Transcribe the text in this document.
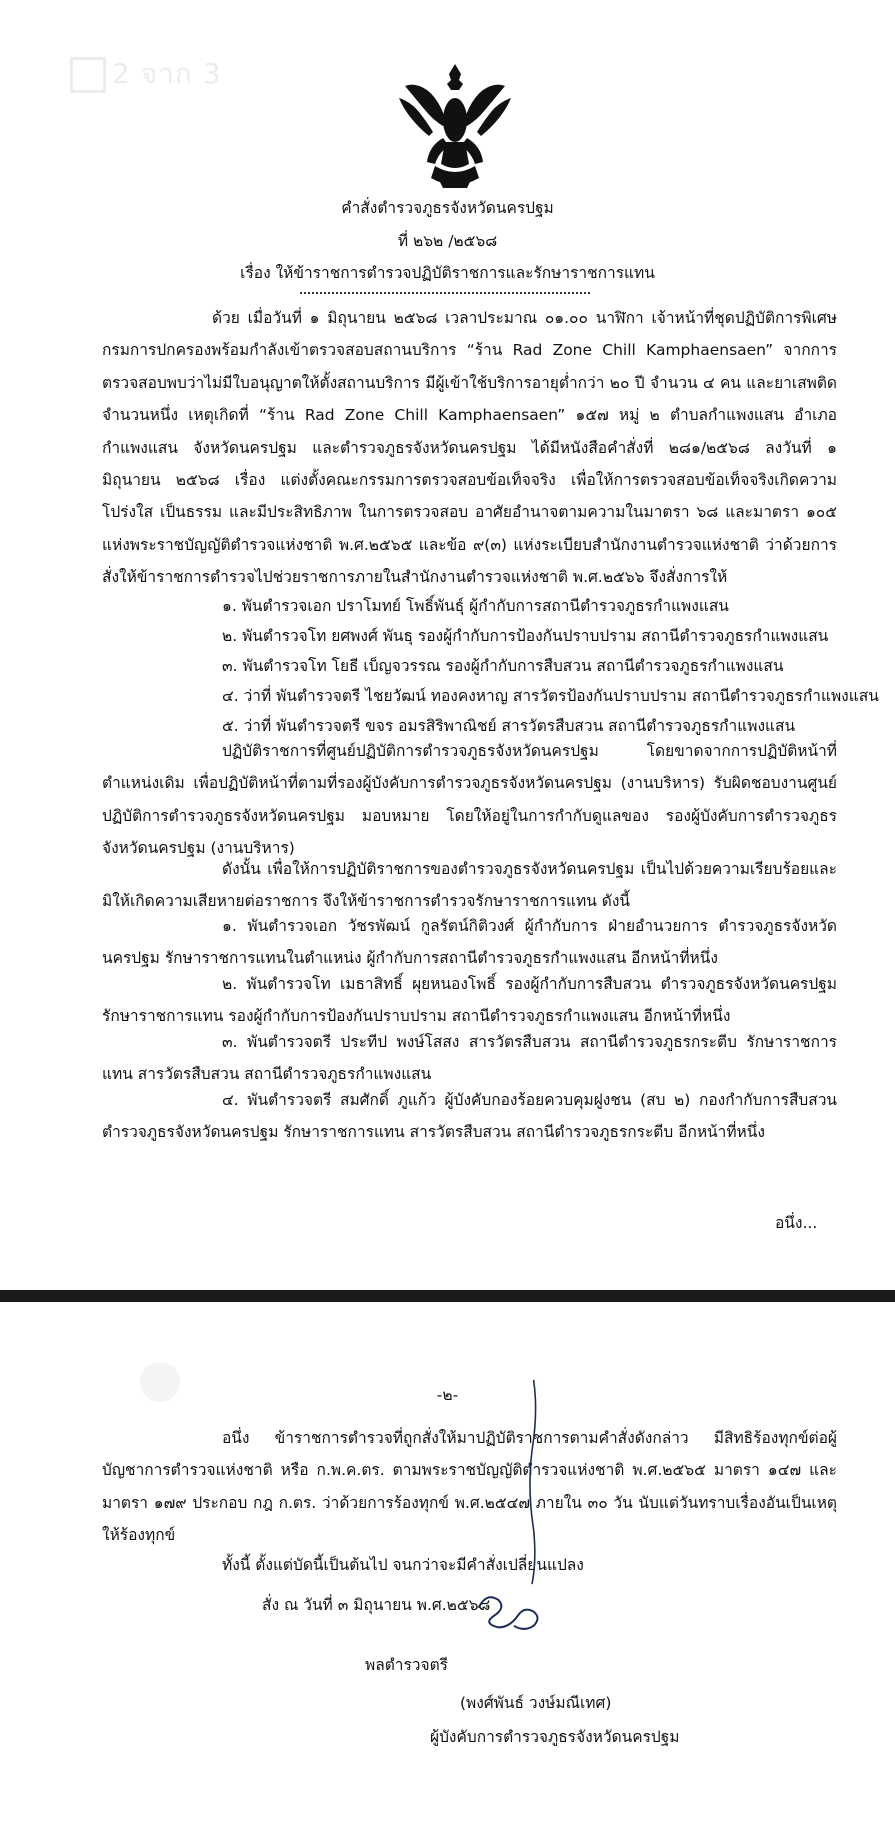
2 จาก 3
คำสั่งตำรวจภูธรจังหวัดนครปฐม
ที่ ๒๖๒ /๒๕๖๘
เรื่อง ให้ข้าราชการตำรวจปฏิบัติราชการและรักษาราชการแทน

ด้วย เมื่อวันที่ ๑ มิถุนายน ๒๕๖๘ เวลาประมาณ ๐๑.๐๐ นาฬิกา เจ้าหน้าที่ชุดปฏิบัติการพิเศษกรมการปกครองพร้อมกำลังเข้าตรวจสอบสถานบริการ “ร้าน Rad Zone Chill Kamphaensaen” จากการตรวจสอบพบว่าไม่มีใบอนุญาตให้ตั้งสถานบริการ มีผู้เข้าใช้บริการอายุต่ำกว่า ๒๐ ปี จำนวน ๔ คน และยาเสพติด จำนวนหนึ่ง เหตุเกิดที่ “ร้าน Rad Zone Chill Kamphaensaen” ๑๕๗ หมู่ ๒ ตำบลกำแพงแสน อำเภอกำแพงแสน จังหวัดนครปฐม และตำรวจภูธรจังหวัดนครปฐม ได้มีหนังสือคำสั่งที่ ๒๘๑/๒๕๖๘ ลงวันที่ ๑ มิถุนายน ๒๕๖๘ เรื่อง แต่งตั้งคณะกรรมการตรวจสอบข้อเท็จจริง เพื่อให้การตรวจสอบข้อเท็จจริงเกิดความโปร่งใส เป็นธรรม และมีประสิทธิภาพ ในการตรวจสอบ อาศัยอำนาจตามความในมาตรา ๖๘ และมาตรา ๑๐๕ แห่งพระราชบัญญัติตำรวจแห่งชาติ พ.ศ.๒๕๖๕ และข้อ ๙(๓) แห่งระเบียบสำนักงานตำรวจแห่งชาติ ว่าด้วยการสั่งให้ข้าราชการตำรวจไปช่วยราชการภายในสำนักงานตำรวจแห่งชาติ พ.ศ.๒๕๖๖ จึงสั่งการให้

๑. พันตำรวจเอก ปราโมทย์ โพธิ์พันธุ์ ผู้กำกับการสถานีตำรวจภูธรกำแพงแสน
๒. พันตำรวจโท ยศพงศ์ พันธุ รองผู้กำกับการป้องกันปราบปราม สถานีตำรวจภูธรกำแพงแสน
๓. พันตำรวจโท โยธี เบ็ญจวรรณ รองผู้กำกับการสืบสวน สถานีตำรวจภูธรกำแพงแสน
๔. ว่าที่ พันตำรวจตรี ไชยวัฒน์ ทองคงหาญ สารวัตรป้องกันปราบปราม สถานีตำรวจภูธรกำแพงแสน
๕. ว่าที่ พันตำรวจตรี ขจร อมรสิริพาณิชย์ สารวัตรสืบสวน สถานีตำรวจภูธรกำแพงแสน

ปฏิบัติราชการที่ศูนย์ปฏิบัติการตำรวจภูธรจังหวัดนครปฐม โดยขาดจากการปฏิบัติหน้าที่ตำแหน่งเดิม เพื่อปฏิบัติหน้าที่ตามที่รองผู้บังคับการตำรวจภูธรจังหวัดนครปฐม (งานบริหาร) รับผิดชอบงานศูนย์ปฏิบัติการตำรวจภูธรจังหวัดนครปฐม มอบหมาย โดยให้อยู่ในการกำกับดูแลของ รองผู้บังคับการตำรวจภูธรจังหวัดนครปฐม (งานบริหาร)

ดังนั้น เพื่อให้การปฏิบัติราชการของตำรวจภูธรจังหวัดนครปฐม เป็นไปด้วยความเรียบร้อยและมิให้เกิดความเสียหายต่อราชการ จึงให้ข้าราชการตำรวจรักษาราชการแทน ดังนี้

๑. พันตำรวจเอก วัชรพัฒน์ กูลรัตน์กิติวงศ์ ผู้กำกับการ ฝ่ายอำนวยการ ตำรวจภูธรจังหวัดนครปฐม รักษาราชการแทนในตำแหน่ง ผู้กำกับการสถานีตำรวจภูธรกำแพงแสน อีกหน้าที่หนึ่ง

๒. พันตำรวจโท เมธาสิทธิ์ ผุยหนองโพธิ์ รองผู้กำกับการสืบสวน ตำรวจภูธรจังหวัดนครปฐม รักษาราชการแทน รองผู้กำกับการป้องกันปราบปราม สถานีตำรวจภูธรกำแพงแสน อีกหน้าที่หนึ่ง

๓. พันตำรวจตรี ประทีป พงษ์โสสง สารวัตรสืบสวน สถานีตำรวจภูธรกระตีบ รักษาราชการแทน สารวัตรสืบสวน สถานีตำรวจภูธรกำแพงแสน

๔. พันตำรวจตรี สมศักดิ์ ภูแก้ว ผู้บังคับกองร้อยควบคุมฝูงชน (สบ ๒) กองกำกับการสืบสวน ตำรวจภูธรจังหวัดนครปฐม รักษาราชการแทน สารวัตรสืบสวน สถานีตำรวจภูธรกระตีบ อีกหน้าที่หนึ่ง

อนึ่ง...
-๒-

อนึ่ง ข้าราชการตำรวจที่ถูกสั่งให้มาปฏิบัติราชการตามคำสั่งดังกล่าว มีสิทธิร้องทุกข์ต่อผู้บัญชาการตำรวจแห่งชาติ หรือ ก.พ.ค.ตร. ตามพระราชบัญญัติตำรวจแห่งชาติ พ.ศ.๒๕๖๕ มาตรา ๑๔๗ และมาตรา ๑๗๙ ประกอบ กฎ ก.ตร. ว่าด้วยการร้องทุกข์ พ.ศ.๒๕๔๗ ภายใน ๓๐ วัน นับแต่วันทราบเรื่องอันเป็นเหตุให้ร้องทุกข์

ทั้งนี้ ตั้งแต่บัดนี้เป็นต้นไป จนกว่าจะมีคำสั่งเปลี่ยนแปลง
สั่ง ณ วันที่ ๓ มิถุนายน พ.ศ.๒๕๖๘
พลตำรวจตรี
(พงศ์พันธ์ วงษ์มณีเทศ)
ผู้บังคับการตำรวจภูธรจังหวัดนครปฐม
